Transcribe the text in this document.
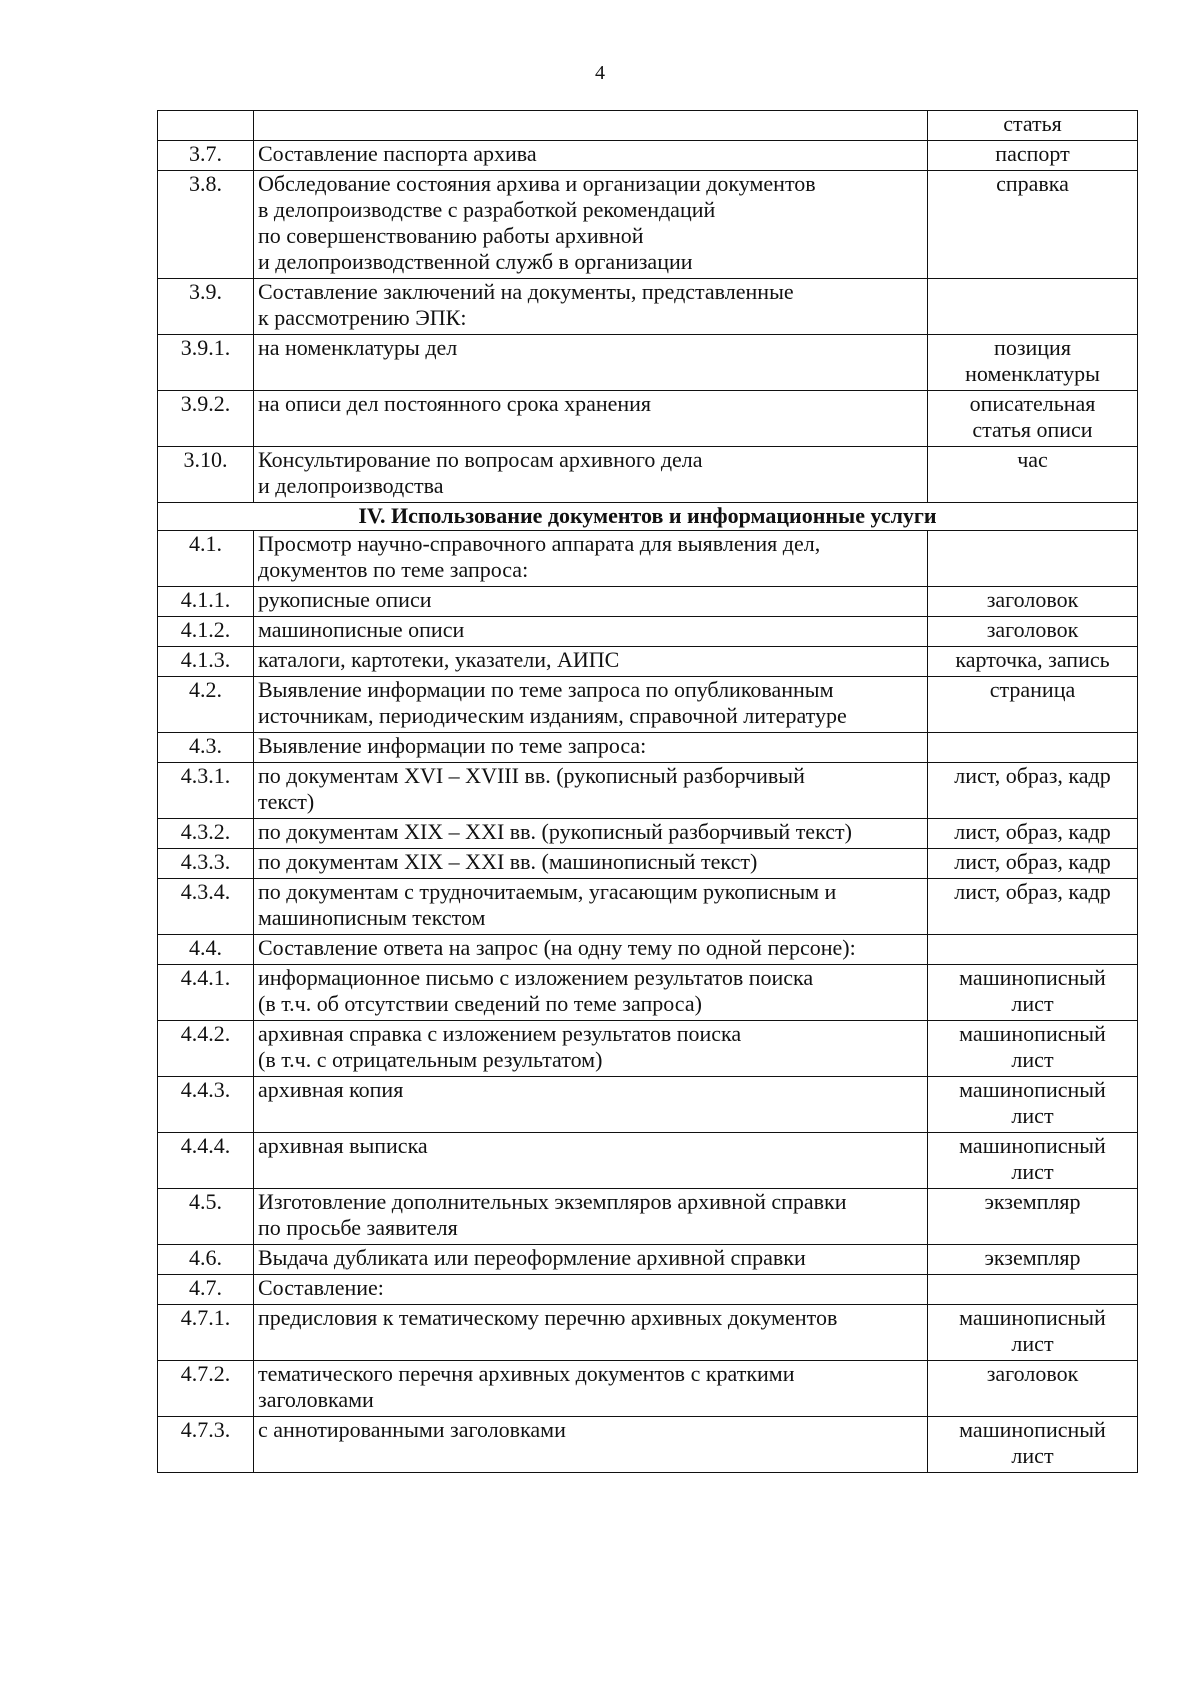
4
		статья
3.7.	Составление паспорта архива	паспорт
3.8.	Обследование состояния архива и организации документов
в делопроизводстве с разработкой рекомендаций
по совершенствованию работы архивной
и делопроизводственной служб в организации	справка
3.9.	Составление заключений на документы, представленные
к рассмотрению ЭПК:	
3.9.1.	на номенклатуры дел	позиция
номенклатуры
3.9.2.	на описи дел постоянного срока хранения	описательная
статья описи
3.10.	Консультирование по вопросам архивного дела
и делопроизводства	час
IV. Использование документов и информационные услуги		
4.1.	Просмотр научно-справочного аппарата для выявления дел,
документов по теме запроса:	
4.1.1.	рукописные описи	заголовок
4.1.2.	машинописные описи	заголовок
4.1.3.	каталоги, картотеки, указатели, АИПС	карточка, запись
4.2.	Выявление информации по теме запроса по опубликованным
источникам, периодическим изданиям, справочной литературе	страница
4.3.	Выявление информации по теме запроса:	
4.3.1.	по документам XVI – XVIII вв. (рукописный разборчивый
текст)	лист, образ, кадр
4.3.2.	по документам XIX – XXI вв. (рукописный разборчивый текст)	лист, образ, кадр
4.3.3.	по документам XIX – XXI вв. (машинописный текст)	лист, образ, кадр
4.3.4.	по документам с трудночитаемым, угасающим рукописным и
машинописным текстом	лист, образ, кадр
4.4.	Составление ответа на запрос (на одну тему по одной персоне):	
4.4.1.	информационное письмо с изложением результатов поиска
(в т.ч. об отсутствии сведений по теме запроса)	машинописный
лист
4.4.2.	архивная справка с изложением результатов поиска
(в т.ч. с отрицательным результатом)	машинописный
лист
4.4.3.	архивная копия	машинописный
лист
4.4.4.	архивная выписка	машинописный
лист
4.5.	Изготовление дополнительных экземпляров архивной справки
по просьбе заявителя	экземпляр
4.6.	Выдача дубликата или переоформление архивной справки	экземпляр
4.7.	Составление:	
4.7.1.	предисловия к тематическому перечню архивных документов	машинописный
лист
4.7.2.	тематического перечня архивных документов с краткими
заголовками	заголовок
4.7.3.	с аннотированными заголовками	машинописный
лист
